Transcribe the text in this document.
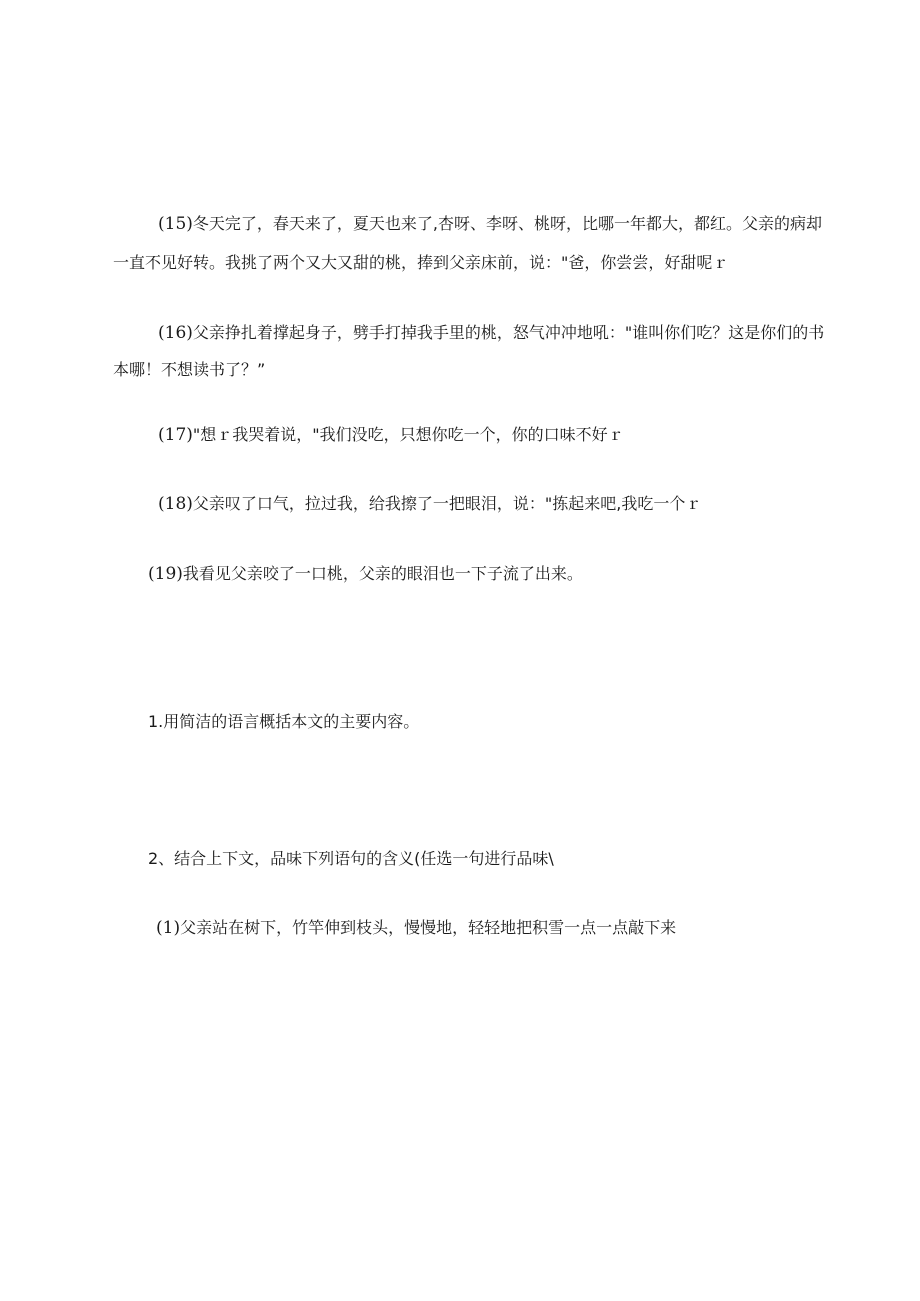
(15)冬天完了，春天来了，夏天也来了,杏呀、李呀、桃呀，比哪一年都大，都红。父亲的病却
一直不见好转。我挑了两个又大又甜的桃，捧到父亲床前，说："爸，你尝尝，好甜呢ｒ
(16)父亲挣扎着撑起身子，劈手打掉我手里的桃，怒气冲冲地吼："谁叫你们吃？这是你们的书
本哪！不想读书了？”
(17)"想ｒ我哭着说，"我们没吃，只想你吃一个，你的口味不好ｒ
(18)父亲叹了口气，拉过我，给我擦了一把眼泪，说："拣起来吧,我吃一个ｒ
(19)我看见父亲咬了一口桃，父亲的眼泪也一下子流了出来。
1.用简洁的语言概括本文的主要内容。
2、结合上下文，品味下列语句的含义(任选一句进行品味\
(1)父亲站在树下，竹竿伸到枝头，慢慢地，轻轻地把积雪一点一点敲下来
